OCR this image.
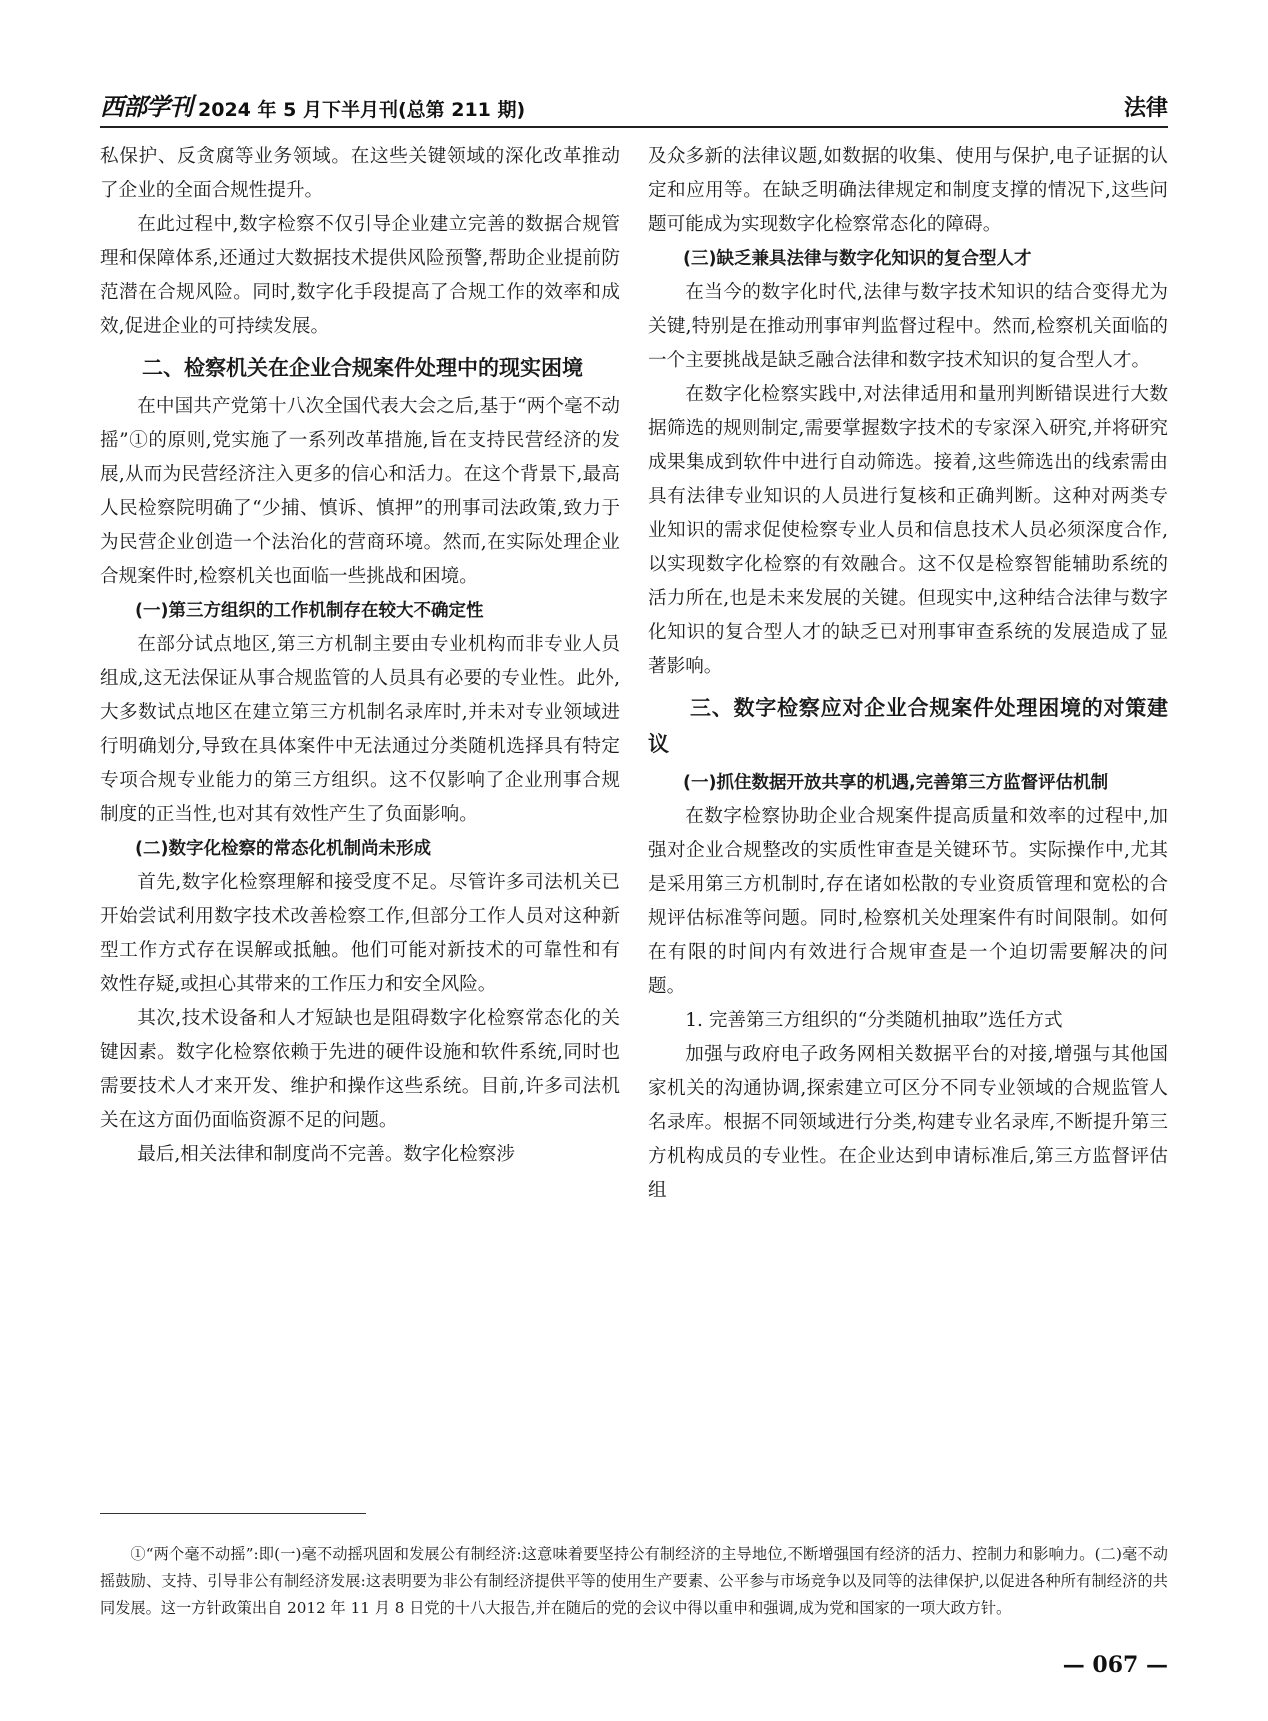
西部学刊 2024 年 5 月下半月刊(总第 211 期)	法律

私保护、反贪腐等业务领域。在这些关键领域的深化改革推动了企业的全面合规性提升。

在此过程中,数字检察不仅引导企业建立完善的数据合规管理和保障体系,还通过大数据技术提供风险预警,帮助企业提前防范潜在合规风险。同时,数字化手段提高了合规工作的效率和成效,促进企业的可持续发展。

二、检察机关在企业合规案件处理中的现实困境

在中国共产党第十八次全国代表大会之后,基于“两个毫不动摇”①的原则,党实施了一系列改革措施,旨在支持民营经济的发展,从而为民营经济注入更多的信心和活力。在这个背景下,最高人民检察院明确了“少捕、慎诉、慎押”的刑事司法政策,致力于为民营企业创造一个法治化的营商环境。然而,在实际处理企业合规案件时,检察机关也面临一些挑战和困境。

(一)第三方组织的工作机制存在较大不确定性

在部分试点地区,第三方机制主要由专业机构而非专业人员组成,这无法保证从事合规监管的人员具有必要的专业性。此外,大多数试点地区在建立第三方机制名录库时,并未对专业领域进行明确划分,导致在具体案件中无法通过分类随机选择具有特定专项合规专业能力的第三方组织。这不仅影响了企业刑事合规制度的正当性,也对其有效性产生了负面影响。

(二)数字化检察的常态化机制尚未形成

首先,数字化检察理解和接受度不足。尽管许多司法机关已开始尝试利用数字技术改善检察工作,但部分工作人员对这种新型工作方式存在误解或抵触。他们可能对新技术的可靠性和有效性存疑,或担心其带来的工作压力和安全风险。

其次,技术设备和人才短缺也是阻碍数字化检察常态化的关键因素。数字化检察依赖于先进的硬件设施和软件系统,同时也需要技术人才来开发、维护和操作这些系统。目前,许多司法机关在这方面仍面临资源不足的问题。

最后,相关法律和制度尚不完善。数字化检察涉

及众多新的法律议题,如数据的收集、使用与保护,电子证据的认定和应用等。在缺乏明确法律规定和制度支撑的情况下,这些问题可能成为实现数字化检察常态化的障碍。

(三)缺乏兼具法律与数字化知识的复合型人才

在当今的数字化时代,法律与数字技术知识的结合变得尤为关键,特别是在推动刑事审判监督过程中。然而,检察机关面临的一个主要挑战是缺乏融合法律和数字技术知识的复合型人才。

在数字化检察实践中,对法律适用和量刑判断错误进行大数据筛选的规则制定,需要掌握数字技术的专家深入研究,并将研究成果集成到软件中进行自动筛选。接着,这些筛选出的线索需由具有法律专业知识的人员进行复核和正确判断。这种对两类专业知识的需求促使检察专业人员和信息技术人员必须深度合作,以实现数字化检察的有效融合。这不仅是检察智能辅助系统的活力所在,也是未来发展的关键。但现实中,这种结合法律与数字化知识的复合型人才的缺乏已对刑事审查系统的发展造成了显著影响。

三、数字检察应对企业合规案件处理困境的对策建议
(一)抓住数据开放共享的机遇,完善第三方监督评估机制

在数字检察协助企业合规案件提高质量和效率的过程中,加强对企业合规整改的实质性审查是关键环节。实际操作中,尤其是采用第三方机制时,存在诸如松散的专业资质管理和宽松的合规评估标准等问题。同时,检察机关处理案件有时间限制。如何在有限的时间内有效进行合规审查是一个迫切需要解决的问题。

1. 完善第三方组织的“分类随机抽取”选任方式

加强与政府电子政务网相关数据平台的对接,增强与其他国家机关的沟通协调,探索建立可区分不同专业领域的合规监管人名录库。根据不同领域进行分类,构建专业名录库,不断提升第三方机构成员的专业性。在企业达到申请标准后,第三方监督评估组

①“两个毫不动摇”:即(一)毫不动摇巩固和发展公有制经济:这意味着要坚持公有制经济的主导地位,不断增强国有经济的活力、控制力和影响力。(二)毫不动摇鼓励、支持、引导非公有制经济发展:这表明要为非公有制经济提供平等的使用生产要素、公平参与市场竞争以及同等的法律保护,以促进各种所有制经济的共同发展。这一方针政策出自 2012 年 11 月 8 日党的十八大报告,并在随后的党的会议中得以重申和强调,成为党和国家的一项大政方针。

— 067 —
